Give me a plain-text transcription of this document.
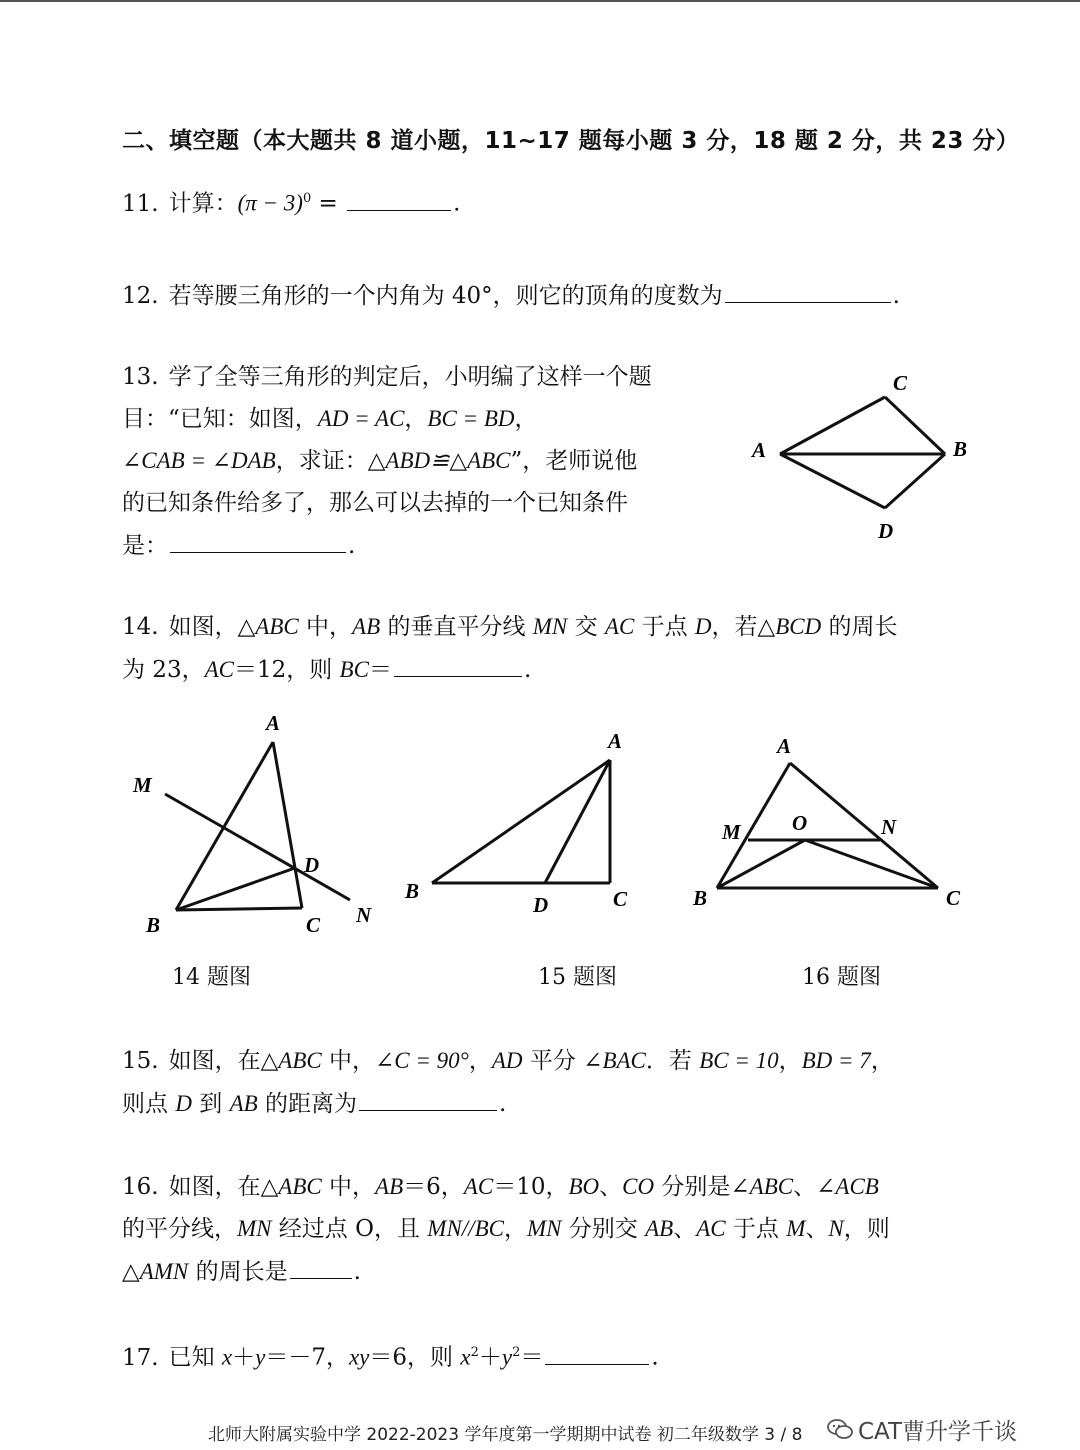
二、填空题（本大题共 8 道小题，11~17 题每小题 3 分，18 题 2 分，共 23 分）
11. 计算：$(\pi - 3)^0$ =	.
12. 若等腰三角形的一个内角为 40°，则它的顶角的度数为	.
13. 学了全等三角形的判定后，小明编了这样一个题
目：“已知：如图，AD = AC，BC = BD，
∠CAB = ∠DAB，求证：△ABD≌△ABC”，老师说他
的已知条件给多了，那么可以去掉的一个已知条件
是：	.
A
C
B
D
14. 如图，△ABC 中，AB 的垂直平分线 MN 交 AC 于点 D，若△BCD 的周长
为 23，AC＝12，则 BC＝	.
A
M
D
B	C N
A
B
D	C
A
M O	N
B	C
14 题图	15 题图	16 题图
15. 如图，在△ABC 中，∠C = 90°，AD 平分 ∠BAC．若 BC = 10，BD = 7，
则点 D 到 AB 的距离为	.
16. 如图，在△ABC 中，AB＝6，AC＝10，BO、CO 分别是∠ABC、∠ACB
的平分线，MN 经过点 O，且 MN//BC，MN 分别交 AB、AC 于点 M、N，则
△AMN 的周长是	.
17. 已知 x＋y＝－7，xy＝6，则 $x^2+y^2=$	.
北师大附属实验中学 2022-2023 学年度第一学期期中试卷 初二年级数学 3 / 8 CAT曹升学千谈
